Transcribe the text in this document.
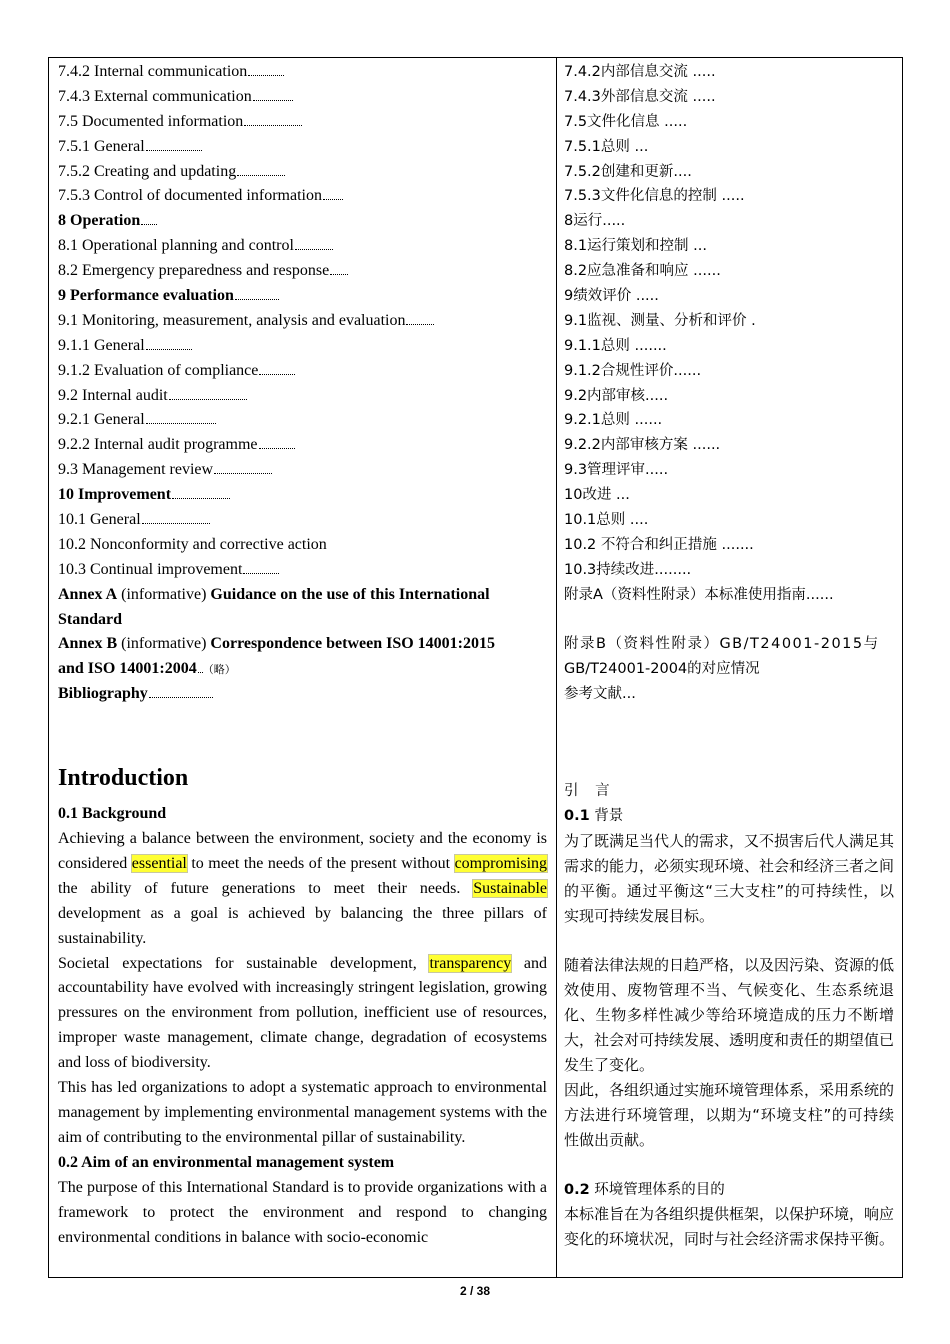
7.4.2 Internal communication
7.4.3 External communication
7.5 Documented information
7.5.1 General
7.5.2 Creating and updating
7.5.3 Control of documented information
8 Operation
8.1 Operational planning and control
8.2 Emergency preparedness and response
9 Performance evaluation
9.1 Monitoring, measurement, analysis and evaluation
9.1.1 General
9.1.2 Evaluation of compliance
9.2 Internal audit
9.2.1 General
9.2.2 Internal audit programme
9.3 Management review
10 Improvement
10.1 General
10.2 Nonconformity and corrective action
10.3 Continual improvement
Annex A (informative) Guidance on the use of this International
Standard
Annex B (informative) Correspondence between ISO 14001:2015
and ISO 14001:2004 （略）
Bibliography
Introduction
0.1 Background
Achieving a balance between the environment, society and the economy is considered essential to meet the needs of the present without compromising the ability of future generations to meet their needs. Sustainable development as a goal is achieved by balancing the three pillars of sustainability.
Societal expectations for sustainable development, transparency and accountability have evolved with increasingly stringent legislation, growing pressures on the environment from pollution, inefficient use of resources, improper waste management, climate change, degradation of ecosystems and loss of biodiversity.
This has led organizations to adopt a systematic approach to environmental management by implementing environmental management systems with the aim of contributing to the environmental pillar of sustainability.
0.2 Aim of an environmental management system
The purpose of this International Standard is to provide organizations with a framework to protect the environment and respond to changing environmental conditions in balance with socio-economic
7.4.2内部信息交流 .....
7.4.3外部信息交流 .....
7.5文件化信息 .....
7.5.1总则 ...
7.5.2创建和更新....
7.5.3文件化信息的控制 .....
8运行.....
8.1运行策划和控制 ...
8.2应急准备和响应 ......
9绩效评价 .....
9.1监视、测量、分析和评价 .
9.1.1总则 .......
9.1.2合规性评价......
9.2内部审核.....
9.2.1总则 ......
9.2.2内部审核方案 ......
9.3管理评审.....
10改进 ...
10.1总则 ....
10.2 不符合和纠正措施 .......
10.3持续改进........
附录A（资料性附录）本标准使用指南......
附录B（资料性附录）GB/T24001-2015与
GB/T24001-2004的对应情况
参考文献...
引 言
0.1 背景
为了既满足当代人的需求，又不损害后代人满足其需求的能力，必须实现环境、社会和经济三者之间的平衡。通过平衡这“三大支柱”的可持续性，以实现可持续发展目标。
随着法律法规的日趋严格，以及因污染、资源的低效使用、废物管理不当、气候变化、生态系统退化、生物多样性减少等给环境造成的压力不断增大，社会对可持续发展、透明度和责任的期望值已发生了变化。
因此，各组织通过实施环境管理体系，采用系统的方法进行环境管理，以期为“环境支柱”的可持续性做出贡献。
0.2 环境管理体系的目的
本标准旨在为各组织提供框架，以保护环境，响应变化的环境状况，同时与社会经济需求保持平衡。
2 / 38
